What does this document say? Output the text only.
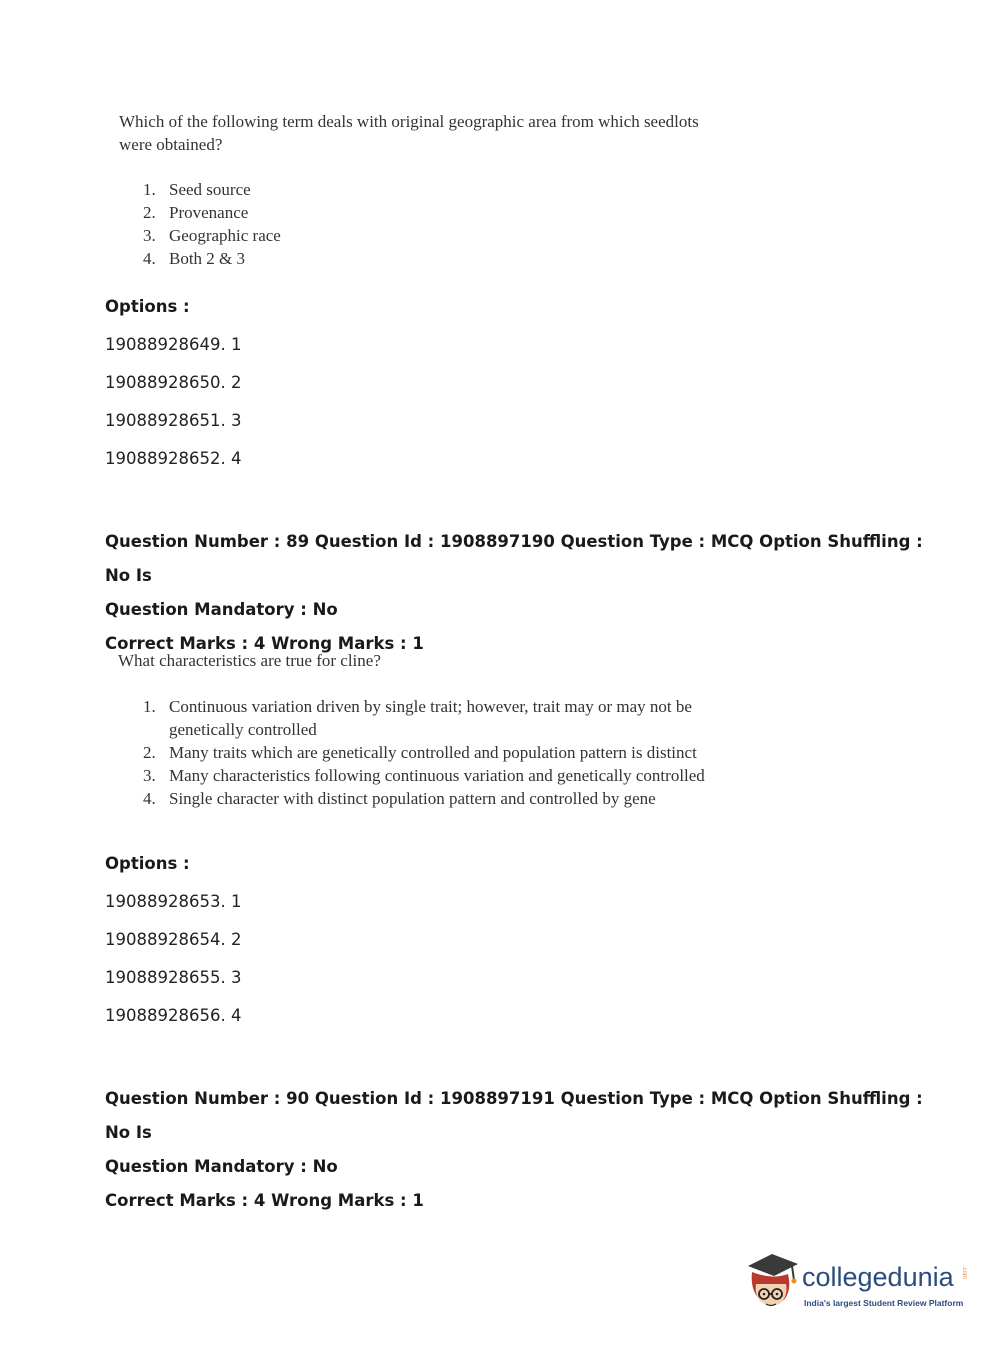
Which of the following term deals with original geographic area from which seedlots were obtained?
1. Seed source
2. Provenance
3. Geographic race
4. Both 2 & 3
Options :
19088928649. 1
19088928650. 2
19088928651. 3
19088928652. 4
Question Number : 89 Question Id : 1908897190 Question Type : MCQ Option Shuffling : No Is
Question Mandatory : No
Correct Marks : 4 Wrong Marks : 1
What characteristics are true for cline?
1. Continuous variation driven by single trait; however, trait may or may not be genetically controlled
2. Many traits which are genetically controlled and population pattern is distinct
3. Many characteristics following continuous variation and genetically controlled
4. Single character with distinct population pattern and controlled by gene
Options :
19088928653. 1
19088928654. 2
19088928655. 3
19088928656. 4
Question Number : 90 Question Id : 1908897191 Question Type : MCQ Option Shuffling : No Is
Question Mandatory : No
Correct Marks : 4 Wrong Marks : 1
collegedunia .com
India's largest Student Review Platform
